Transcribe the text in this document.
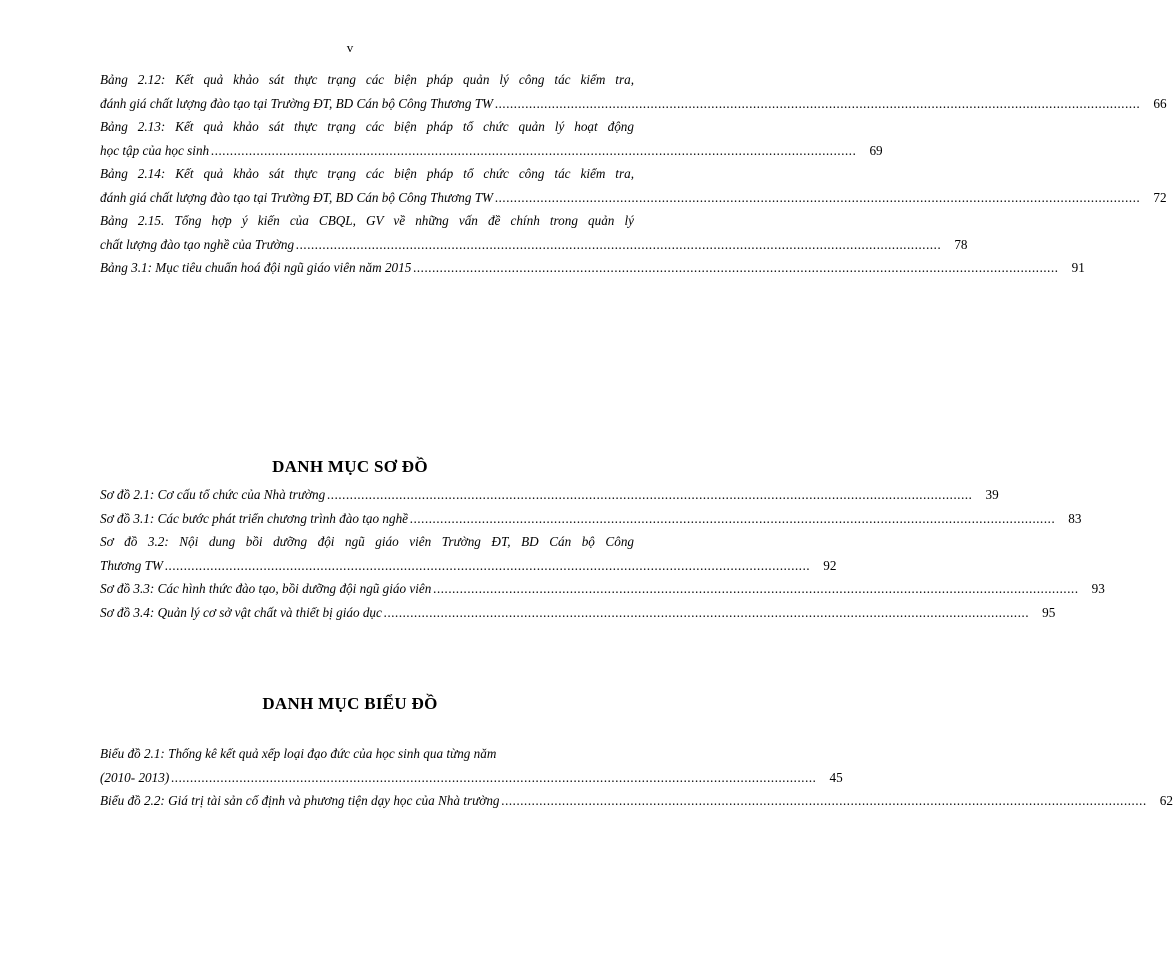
v
Bảng 2.12: Kết quả khảo sát thực trạng các biện pháp quản lý công tác kiểm tra,
đánh giá chất lượng đào tạo tại Trường ĐT, BD Cán bộ Công Thương TW .......................................................................................................................................................................... 66
Bảng 2.13: Kết quả khảo sát thực trạng các biện pháp tổ chức quản lý hoạt động
học tập của học sinh .......................................................................................................................................................................... 69
Bảng 2.14: Kết quả khảo sát thực trạng các biện pháp tổ chức công tác kiểm tra,
đánh giá chất lượng đào tạo tại Trường ĐT, BD Cán bộ Công Thương TW .......................................................................................................................................................................... 72
Bảng 2.15. Tổng hợp ý kiến của CBQL, GV về những vấn đề chính trong quản lý
chất lượng đào tạo nghề của Trường .......................................................................................................................................................................... 78
Bảng 3.1: Mục tiêu chuẩn hoá đội ngũ giáo viên năm 2015 .......................................................................................................................................................................... 91
DANH MỤC SƠ ĐỒ
Sơ đồ 2.1: Cơ cấu tổ chức của Nhà trường .......................................................................................................................................................................... 39
Sơ đồ 3.1: Các bước phát triển chương trình đào tạo nghề .......................................................................................................................................................................... 83
Sơ đồ 3.2: Nội dung bồi dưỡng đội ngũ giáo viên Trường ĐT, BD Cán bộ Công
Thương TW .......................................................................................................................................................................... 92
Sơ đồ 3.3: Các hình thức đào tạo, bồi dưỡng đội ngũ giáo viên .......................................................................................................................................................................... 93
Sơ đồ 3.4: Quản lý cơ sở vật chất và thiết bị giáo dục .......................................................................................................................................................................... 95
DANH MỤC BIỂU ĐỒ
Biểu đồ 2.1: Thống kê kết quả xếp loại đạo đức của học sinh qua từng năm
(2010- 2013) .......................................................................................................................................................................... 45
Biểu đồ 2.2: Giá trị tài sản cố định và phương tiện dạy học của Nhà trường .......................................................................................................................................................................... 62
